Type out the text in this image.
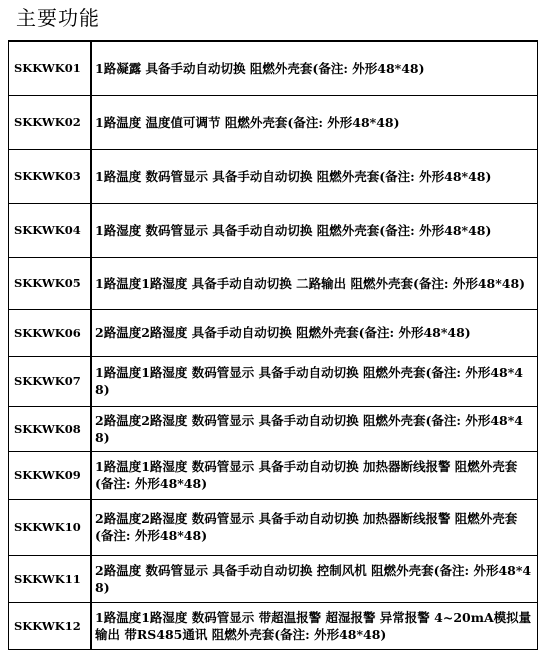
主要功能
SKKWK01	1路凝露 具备手动自动切换 阻燃外壳套(备注: 外形48*48)
SKKWK02	1路温度 温度值可调节 阻燃外壳套(备注: 外形48*48)
SKKWK03	1路温度 数码管显示 具备手动自动切换 阻燃外壳套(备注: 外形48*48)
SKKWK04	1路湿度 数码管显示 具备手动自动切换 阻燃外壳套(备注: 外形48*48)
SKKWK05	1路温度1路湿度 具备手动自动切换 二路输出 阻燃外壳套(备注: 外形48*48)
SKKWK06	2路温度2路湿度 具备手动自动切换 阻燃外壳套(备注: 外形48*48)
SKKWK07	1路温度1路湿度 数码管显示 具备手动自动切换 阻燃外壳套(备注: 外形48*48)
SKKWK08	2路温度2路湿度 数码管显示 具备手动自动切换 阻燃外壳套(备注: 外形48*48)
SKKWK09	1路温度1路湿度 数码管显示 具备手动自动切换 加热器断线报警 阻燃外壳套(备注: 外形48*48)
SKKWK10	2路温度2路湿度 数码管显示 具备手动自动切换 加热器断线报警 阻燃外壳套(备注: 外形48*48)
SKKWK11	2路温度 数码管显示 具备手动自动切换 控制风机 阻燃外壳套(备注: 外形48*48)
SKKWK12	1路温度1路湿度 数码管显示 带超温报警 超湿报警 异常报警 4~20mA模拟量输出 带RS485通讯 阻燃外壳套(备注: 外形48*48)
